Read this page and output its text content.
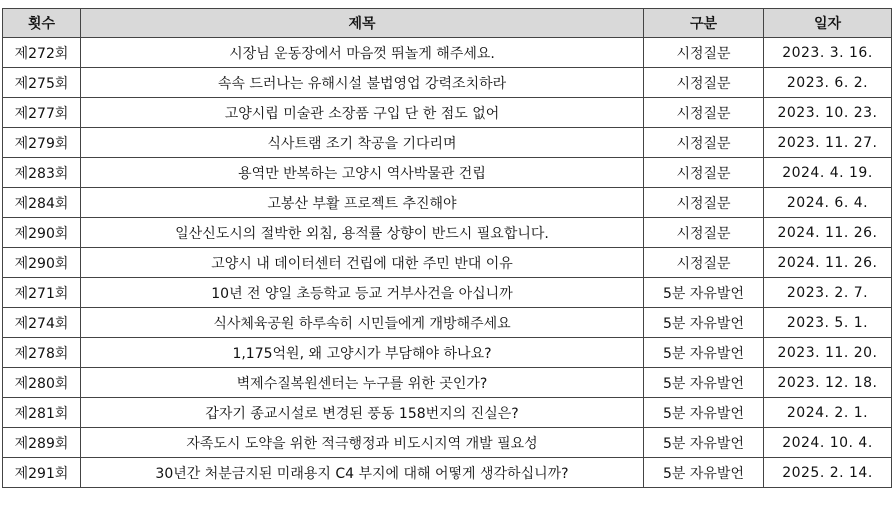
횟수	제목	구분	일자
제272회	시장님 운동장에서 마음껏 뛰놀게 해주세요.	시정질문	2023. 3. 16.
제275회	속속 드러나는 유해시설 불법영업 강력조치하라	시정질문	2023. 6. 2.
제277회	고양시립 미술관 소장품 구입 단 한 점도 없어	시정질문	2023. 10. 23.
제279회	식사트램 조기 착공을 기다리며	시정질문	2023. 11. 27.
제283회	용역만 반복하는 고양시 역사박물관 건립	시정질문	2024. 4. 19.
제284회	고봉산 부활 프로젝트 추진해야	시정질문	2024. 6. 4.
제290회	일산신도시의 절박한 외침, 용적률 상향이 반드시 필요합니다.	시정질문	2024. 11. 26.
제290회	고양시 내 데이터센터 건립에 대한 주민 반대 이유	시정질문	2024. 11. 26.
제271회	10년 전 양일 초등학교 등교 거부사건을 아십니까	5분 자유발언	2023. 2. 7.
제274회	식사체육공원 하루속히 시민들에게 개방해주세요	5분 자유발언	2023. 5. 1.
제278회	1,175억원, 왜 고양시가 부담해야 하나요?	5분 자유발언	2023. 11. 20.
제280회	벽제수질복원센터는 누구를 위한 곳인가?	5분 자유발언	2023. 12. 18.
제281회	갑자기 종교시설로 변경된 풍동 158번지의 진실은?	5분 자유발언	2024. 2. 1.
제289회	자족도시 도약을 위한 적극행정과 비도시지역 개발 필요성	5분 자유발언	2024. 10. 4.
제291회	30년간 처분금지된 미래용지 C4 부지에 대해 어떻게 생각하십니까?	5분 자유발언	2025. 2. 14.
